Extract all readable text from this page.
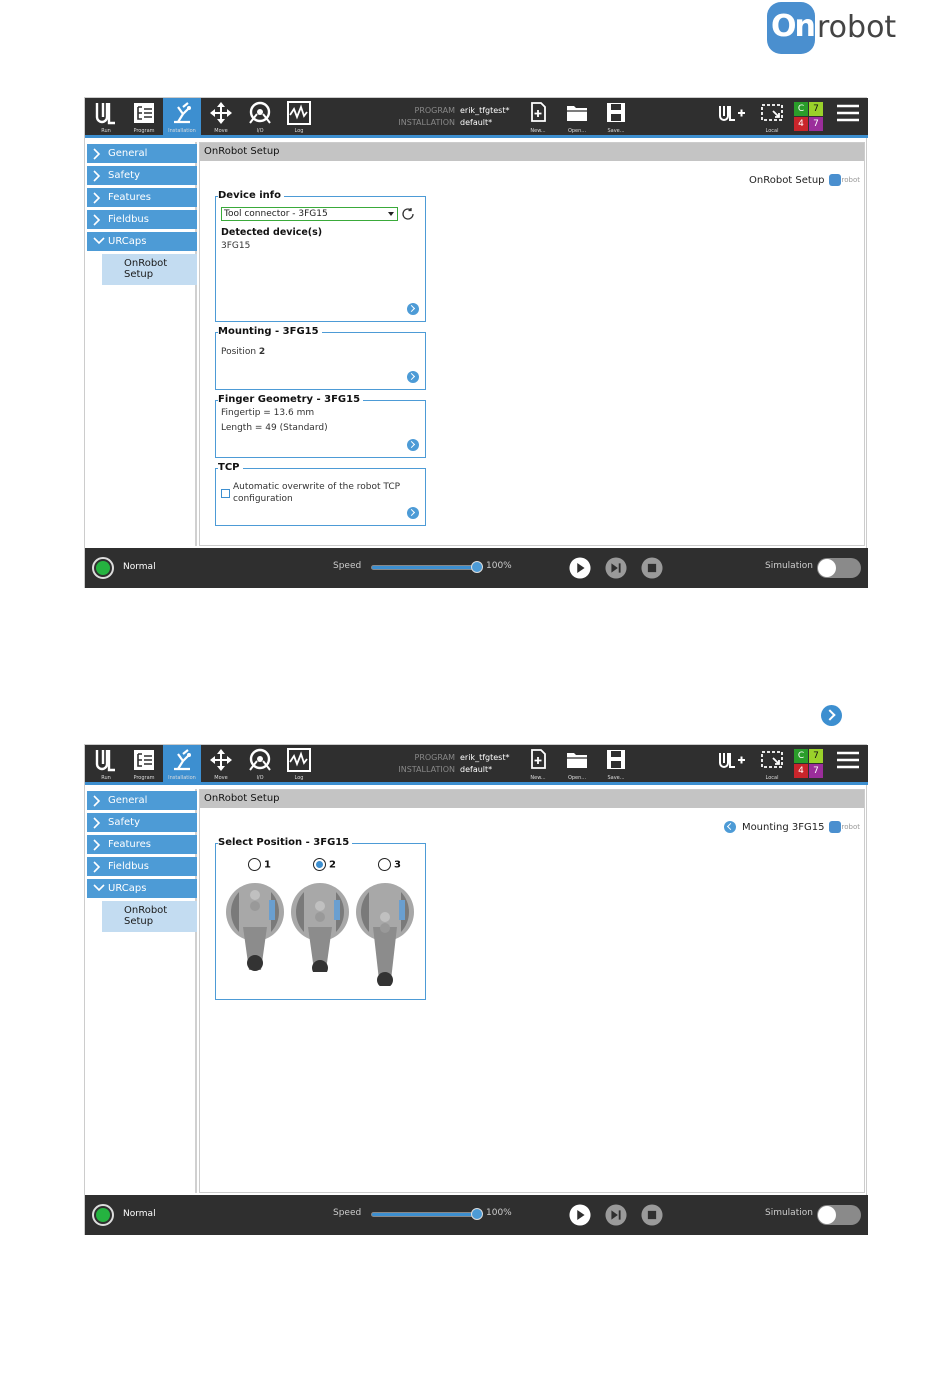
On robot
Run	Program	Installation	Move	I/O	Log
PROGRAM
INSTALLATION
erik_tfgtest*
default*
New...	Open...	Save...	Local
C 7
4	7
General
Safety
Features
Fieldbus
URCaps
OnRobot Setup
OnRobot Setup
OnRobot Setup robot
Device info
Tool connector - 3FG15
Detected device(s)
3FG15
Mounting - 3FG15
Position 2
Finger Geometry - 3FG15
Fingertip = 13.6 mm
Length = 49 (Standard)
TCP
Automatic overwrite of the robot TCP
configuration
Normal	Speed	100%	Simulation
Run	Program	Installation	Move	I/O	Log
PROGRAM
INSTALLATION
erik_tfgtest*
default*
New...	Open...	Save...	Local
C 7
4	7
General
Safety
Features
Fieldbus
URCaps
OnRobot Setup
OnRobot Setup
Mounting 3FG15 robot
Select Position - 3FG15
1	2	3
Normal	Speed	100%	Simulation
